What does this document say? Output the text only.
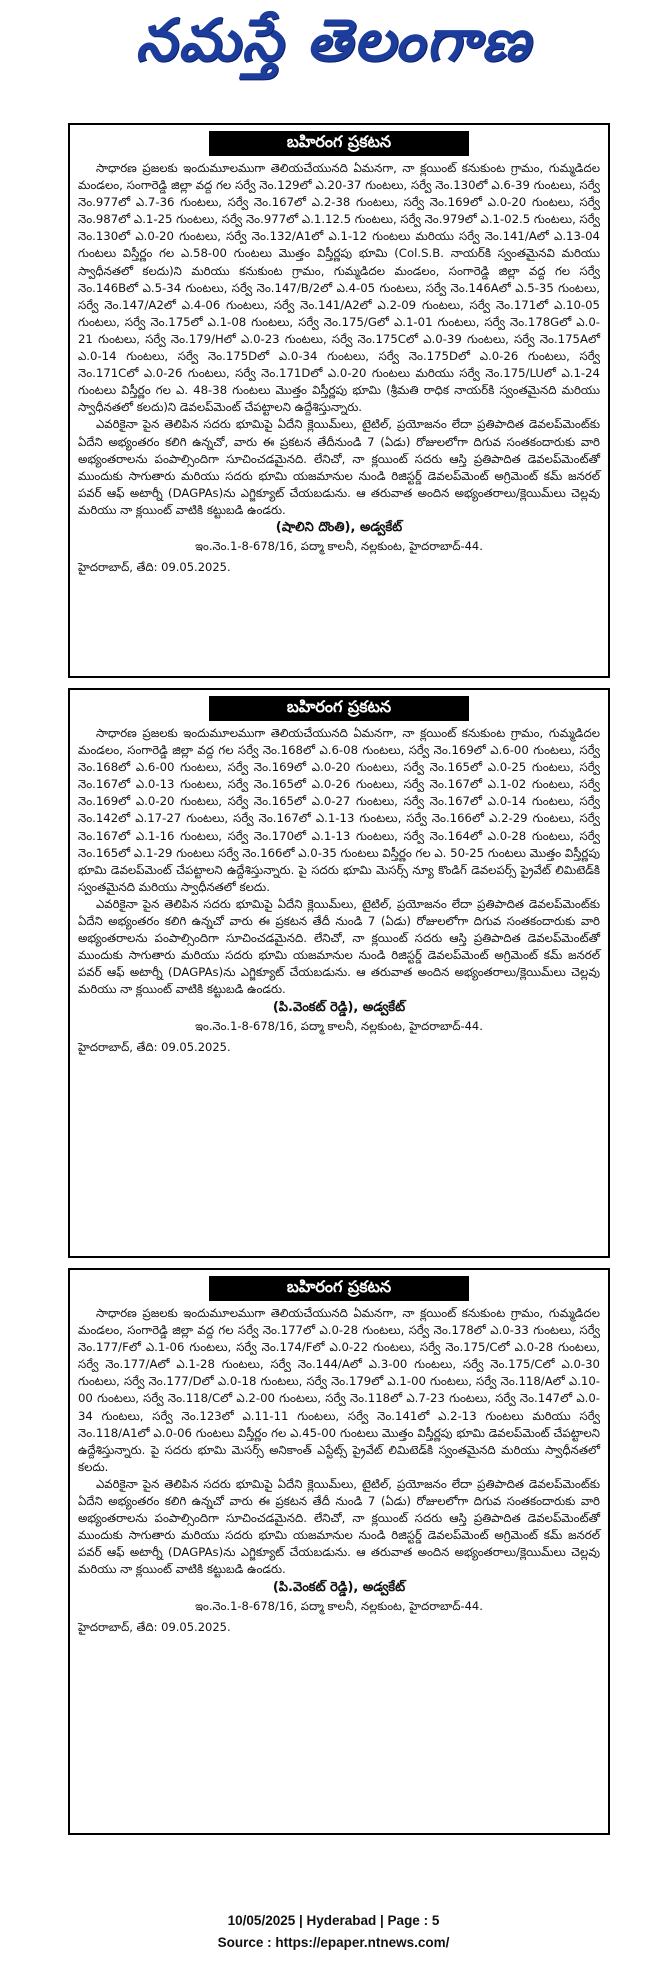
నమస్తే తెలంగాణ
బహిరంగ ప్రకటన

సాధారణ ప్రజలకు ఇందుమూలముగా తెలియచేయునది ఏమనగా, నా క్లయింట్ కనుకుంట గ్రామం, గుమ్మడిదల మండలం, సంగారెడ్డి జిల్లా వద్ద గల సర్వే నెం.129లో ఎ.20-37 గుంటలు, సర్వే నెం.130లో ఎ.6-39 గుంటలు, సర్వే నెం.977లో ఎ.7-36 గుంటలు, సర్వే నెం.167లో ఎ.2-38 గుంటలు, సర్వే నెం.169లో ఎ.0-20 గుంటలు, సర్వే నెం.987లో ఎ.1-25 గుంటలు, సర్వే నెం.977లో ఎ.1.12.5 గుంటలు, సర్వే నెం.979లో ఎ.1-02.5 గుంటలు, సర్వే నెం.130లో ఎ.0-20 గుంటలు, సర్వే నెం.132/A1లో ఎ.1-12 గుంటలు మరియు సర్వే నెం.141/Aలో ఎ.13-04 గుంటలు విస్తీర్ణం గల ఎ.58-00 గుంటలు మొత్తం విస్తీర్ణపు భూమి (Col.S.B. నాయర్‌కి స్వంతమైనవి మరియు స్వాధీనతలో కలదు)ని మరియు కనుకుంట గ్రామం, గుమ్మడిదల మండలం, సంగారెడ్డి జిల్లా వద్ద గల సర్వే నెం.146Bలో ఎ.5-34 గుంటలు, సర్వే నెం.147/B/2లో ఎ.4-05 గుంటలు, సర్వే నెం.146Aలో ఎ.5-35 గుంటలు, సర్వే నెం.147/A2లో ఎ.4-06 గుంటలు, సర్వే నెం.141/A2లో ఎ.2-09 గుంటలు, సర్వే నెం.171లో ఎ.10-05 గుంటలు, సర్వే నెం.175లో ఎ.1-08 గుంటలు, సర్వే నెం.175/Gలో ఎ.1-01 గుంటలు, సర్వే నెం.178Gలో ఎ.0-21 గుంటలు, సర్వే నెం.179/Hలో ఎ.0-23 గుంటలు, సర్వే నెం.175Cలో ఎ.0-39 గుంటలు, సర్వే నెం.175Aలో ఎ.0-14 గుంటలు, సర్వే నెం.175Dలో ఎ.0-34 గుంటలు, సర్వే నెం.175Dలో ఎ.0-26 గుంటలు, సర్వే నెం.171Cలో ఎ.0-26 గుంటలు, సర్వే నెం.171Dలో ఎ.0-20 గుంటలు మరియు సర్వే నెం.175/LUలో ఎ.1-24 గుంటలు విస్తీర్ణం గల ఎ. 48-38 గుంటలు మొత్తం విస్తీర్ణపు భూమి (శ్రీమతి రాధిక నాయర్‌కి స్వంతమైనది మరియు స్వాధీనతలో కలదు)ని డెవలప్‌మెంట్ చేపట్టాలని ఉద్దేశిస్తున్నారు.

ఎవరికైనా పైన తెలిపిన సదరు భూమిపై ఏదేని క్లెయిమ్‌లు, టైటిల్, ప్రయోజనం లేదా ప్రతిపాదిత డెవలప్‌మెంట్‌కు ఏదేని అభ్యంతరం కలిగి ఉన్నచో, వారు ఈ ప్రకటన తేదీనుండి 7 (ఏడు) రోజులలోగా దిగువ సంతకందారుకు వారి అభ్యంతరాలను పంపాల్సిందిగా సూచించడమైనది. లేనిచో, నా క్లయింట్ సదరు ఆస్తి ప్రతిపాదిత డెవలప్‌మెంట్‌తో ముందుకు సాగుతారు మరియు సదరు భూమి యజమానుల నుండి రిజిస్టర్డ్ డెవలప్‌మెంట్ అగ్రిమెంట్ కమ్ జనరల్ పవర్ ఆఫ్ అటార్నీ (DAGPAs)ను ఎగ్జిక్యూట్ చేయబడును. ఆ తరువాత అందిన అభ్యంతరాలు/క్లెయిమ్‌లు చెల్లవు మరియు నా క్లయింట్ వాటికి కట్టుబడి ఉండరు.

(షాలిని దొంతి), అడ్వకేట్
ఇం.నెం.1-8-678/16, పద్మా కాలనీ, నల్లకుంట, హైదరాబాద్-44.
హైదరాబాద్, తేది: 09.05.2025.
బహిరంగ ప్రకటన

సాధారణ ప్రజలకు ఇందుమూలముగా తెలియచేయునది ఏమనగా, నా క్లయింట్ కనుకుంట గ్రామం, గుమ్మడిదల మండలం, సంగారెడ్డి జిల్లా వద్ద గల సర్వే నెం.168లో ఎ.6-08 గుంటలు, సర్వే నెం.169లో ఎ.6-00 గుంటలు, సర్వే నెం.168లో ఎ.6-00 గుంటలు, సర్వే నెం.169లో ఎ.0-20 గుంటలు, సర్వే నెం.165లో ఎ.0-25 గుంటలు, సర్వే నెం.167లో ఎ.0-13 గుంటలు, సర్వే నెం.165లో ఎ.0-26 గుంటలు, సర్వే నెం.167లో ఎ.1-02 గుంటలు, సర్వే నెం.169లో ఎ.0-20 గుంటలు, సర్వే నెం.165లో ఎ.0-27 గుంటలు, సర్వే నెం.167లో ఎ.0-14 గుంటలు, సర్వే నెం.142లో ఎ.17-27 గుంటలు, సర్వే నెం.167లో ఎ.1-13 గుంటలు, సర్వే నెం.166లో ఎ.2-29 గుంటలు, సర్వే నెం.167లో ఎ.1-16 గుంటలు, సర్వే నెం.170లో ఎ.1-13 గుంటలు, సర్వే నెం.164లో ఎ.0-28 గుంటలు, సర్వే నెం.165లో ఎ.1-29 గుంటలు సర్వే నెం.166లో ఎ.0-35 గుంటలు విస్తీర్ణం గల ఎ. 50-25 గుంటలు మొత్తం విస్తీర్ణపు భూమి డెవలప్‌మెంట్ చేపట్టాలని ఉద్దేశిస్తున్నారు. పై సదరు భూమి మెసర్స్ న్యూ కొండిగ్ డెవలపర్స్ ప్రైవేట్ లిమిటెడ్‌కి స్వంతమైనది మరియు స్వాధీనతలో కలదు.

ఎవరికైనా పైన తెలిపిన సదరు భూమిపై ఏదేని క్లెయిమ్‌లు, టైటిల్, ప్రయోజనం లేదా ప్రతిపాదిత డెవలప్‌మెంట్‌కు ఏదేని అభ్యంతరం కలిగి ఉన్నచో వారు ఈ ప్రకటన తేదీ నుండి 7 (ఏడు) రోజులలోగా దిగువ సంతకందారుకు వారి అభ్యంతరాలను పంపాల్సిందిగా సూచించడమైనది. లేనిచో, నా క్లయింట్ సదరు ఆస్తి ప్రతిపాదిత డెవలప్‌మెంట్‌తో ముందుకు సాగుతారు మరియు సదరు భూమి యజమానుల నుండి రిజిస్టర్డ్ డెవలప్‌మెంట్ అగ్రిమెంట్ కమ్ జనరల్ పవర్ ఆఫ్ అటార్నీ (DAGPAs)ను ఎగ్జిక్యూట్ చేయబడును. ఆ తరువాత అందిన అభ్యంతరాలు/క్లెయిమ్‌లు చెల్లవు మరియు నా క్లయింట్ వాటికి కట్టుబడి ఉండరు.

(పి.వెంకట్ రెడ్డి), అడ్వకేట్
ఇం.నెం.1-8-678/16, పద్మా కాలనీ, నల్లకుంట, హైదరాబాద్-44.
హైదరాబాద్, తేది: 09.05.2025.
బహిరంగ ప్రకటన

సాధారణ ప్రజలకు ఇందుమూలముగా తెలియచేయునది ఏమనగా, నా క్లయింట్ కనుకుంట గ్రామం, గుమ్మడిదల మండలం, సంగారెడ్డి జిల్లా వద్ద గల సర్వే నెం.177లో ఎ.0-28 గుంటలు, సర్వే నెం.178లో ఎ.0-33 గుంటలు, సర్వే నెం.177/Fలో ఎ.1-06 గుంటలు, సర్వే నెం.174/Fలో ఎ.0-22 గుంటలు, సర్వే నెం.175/Cలో ఎ.0-28 గుంటలు, సర్వే నెం.177/Aలో ఎ.1-28 గుంటలు, సర్వే నెం.144/Aలో ఎ.3-00 గుంటలు, సర్వే నెం.175/Cలో ఎ.0-30 గుంటలు, సర్వే నెం.177/Dలో ఎ.0-18 గుంటలు, సర్వే నెం.179లో ఎ.1-00 గుంటలు, సర్వే నెం.118/Aలో ఎ.10-00 గుంటలు, సర్వే నెం.118/Cలో ఎ.2-00 గుంటలు, సర్వే నెం.118లో ఎ.7-23 గుంటలు, సర్వే నెం.147లో ఎ.0-34 గుంటలు, సర్వే నెం.123లో ఎ.11-11 గుంటలు, సర్వే నెం.141లో ఎ.2-13 గుంటలు మరియు సర్వే నెం.118/A1లో ఎ.0-06 గుంటలు విస్తీర్ణం గల ఎ.45-00 గుంటలు మొత్తం విస్తీర్ణపు భూమి డెవలప్‌మెంట్ చేపట్టాలని ఉద్దేశిస్తున్నారు. పై సదరు భూమి మెసర్స్ అనికాంత్ ఎస్టేట్స్ ప్రైవేట్ లిమిటెడ్‌కి స్వంతమైనది మరియు స్వాధీనతలో కలదు.

ఎవరికైనా పైన తెలిపిన సదరు భూమిపై ఏదేని క్లెయిమ్‌లు, టైటిల్, ప్రయోజనం లేదా ప్రతిపాదిత డెవలప్‌మెంట్‌కు ఏదేని అభ్యంతరం కలిగి ఉన్నచో వారు ఈ ప్రకటన తేదీ నుండి 7 (ఏడు) రోజులలోగా దిగువ సంతకందారుకు వారి అభ్యంతరాలను పంపాల్సిందిగా సూచించడమైనది. లేనిచో, నా క్లయింట్ సదరు ఆస్తి ప్రతిపాదిత డెవలప్‌మెంట్‌తో ముందుకు సాగుతారు మరియు సదరు భూమి యజమానుల నుండి రిజిస్టర్డ్ డెవలప్‌మెంట్ అగ్రిమెంట్ కమ్ జనరల్ పవర్ ఆఫ్ అటార్నీ (DAGPAs)ను ఎగ్జిక్యూట్ చేయబడును. ఆ తరువాత అందిన అభ్యంతరాలు/క్లెయిమ్‌లు చెల్లవు మరియు నా క్లయింట్ వాటికి కట్టుబడి ఉండరు.

(పి.వెంకట్ రెడ్డి), అడ్వకేట్
ఇం.నెం.1-8-678/16, పద్మా కాలనీ, నల్లకుంట, హైదరాబాద్-44.
హైదరాబాద్, తేది: 09.05.2025.
10/05/2025 | Hyderabad | Page : 5
Source : https://epaper.ntnews.com/
